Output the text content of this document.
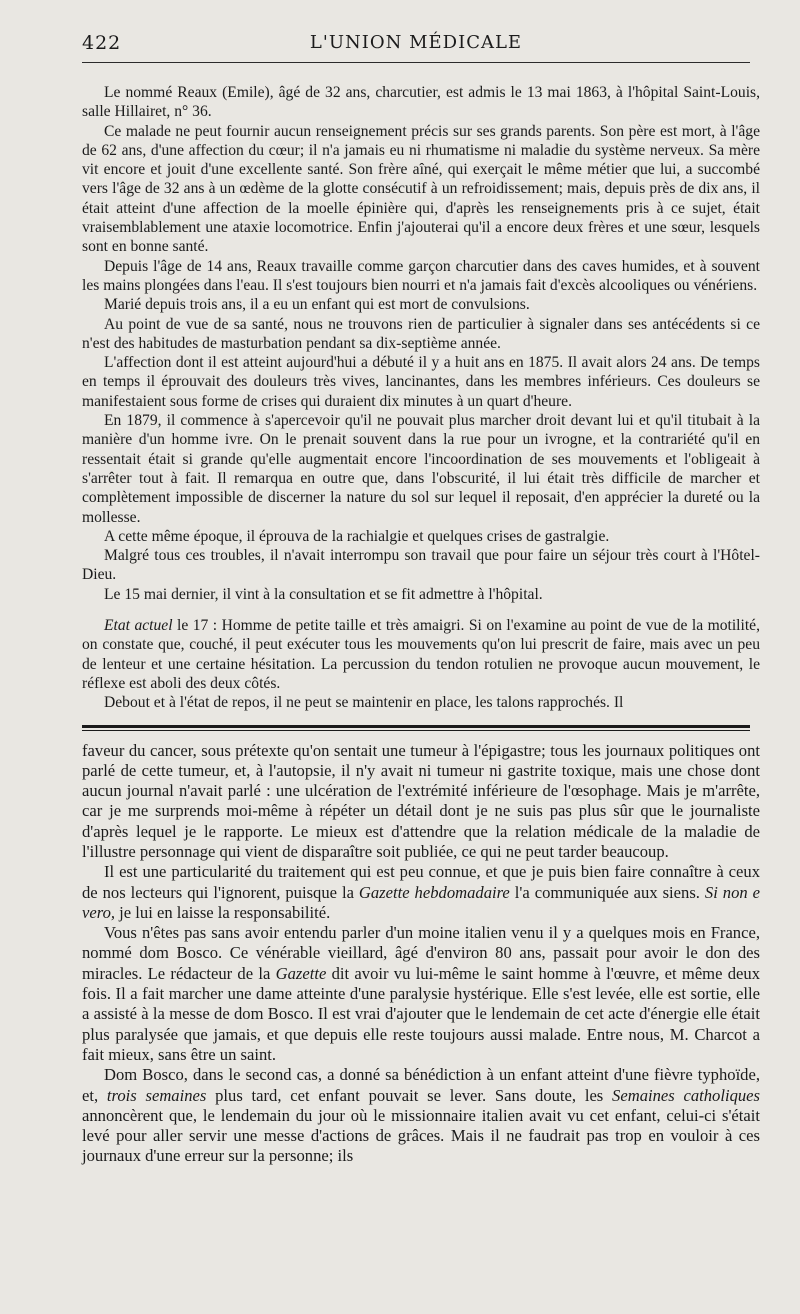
422	L'UNION MÉDICALE

Le nommé Reaux (Emile), âgé de 32 ans, charcutier, est admis le 13 mai 1863, à l'hôpital Saint-Louis, salle Hillairet, n° 36.

Ce malade ne peut fournir aucun renseignement précis sur ses grands parents. Son père est mort, à l'âge de 62 ans, d'une affection du cœur; il n'a jamais eu ni rhumatisme ni maladie du système nerveux. Sa mère vit encore et jouit d'une excellente santé. Son frère aîné, qui exerçait le même métier que lui, a succombé vers l'âge de 32 ans à un œdème de la glotte consécutif à un refroidissement; mais, depuis près de dix ans, il était atteint d'une affection de la moelle épinière qui, d'après les renseignements pris à ce sujet, était vraisemblablement une ataxie locomotrice. Enfin j'ajouterai qu'il a encore deux frères et une sœur, lesquels sont en bonne santé.

Depuis l'âge de 14 ans, Reaux travaille comme garçon charcutier dans des caves humides, et à souvent les mains plongées dans l'eau. Il s'est toujours bien nourri et n'a jamais fait d'excès alcooliques ou vénériens.

Marié depuis trois ans, il a eu un enfant qui est mort de convulsions.

Au point de vue de sa santé, nous ne trouvons rien de particulier à signaler dans ses antécédents si ce n'est des habitudes de masturbation pendant sa dix-septième année.

L'affection dont il est atteint aujourd'hui a débuté il y a huit ans en 1875. Il avait alors 24 ans. De temps en temps il éprouvait des douleurs très vives, lancinantes, dans les membres inférieurs. Ces douleurs se manifestaient sous forme de crises qui duraient dix minutes à un quart d'heure.

En 1879, il commence à s'apercevoir qu'il ne pouvait plus marcher droit devant lui et qu'il titubait à la manière d'un homme ivre. On le prenait souvent dans la rue pour un ivrogne, et la contrariété qu'il en ressentait était si grande qu'elle augmentait encore l'incoordination de ses mouvements et l'obligeait à s'arrêter tout à fait. Il remarqua en outre que, dans l'obscurité, il lui était très difficile de marcher et complètement impossible de discerner la nature du sol sur lequel il reposait, d'en apprécier la dureté ou la mollesse.

A cette même époque, il éprouva de la rachialgie et quelques crises de gastralgie.

Malgré tous ces troubles, il n'avait interrompu son travail que pour faire un séjour très court à l'Hôtel-Dieu.

Le 15 mai dernier, il vint à la consultation et se fit admettre à l'hôpital.

Etat actuel le 17 : Homme de petite taille et très amaigri. Si on l'examine au point de vue de la motilité, on constate que, couché, il peut exécuter tous les mouvements qu'on lui prescrit de faire, mais avec un peu de lenteur et une certaine hésitation. La percussion du tendon rotulien ne provoque aucun mouvement, le réflexe est aboli des deux côtés.

Debout et à l'état de repos, il ne peut se maintenir en place, les talons rapprochés. Il

faveur du cancer, sous prétexte qu'on sentait une tumeur à l'épigastre; tous les journaux politiques ont parlé de cette tumeur, et, à l'autopsie, il n'y avait ni tumeur ni gastrite toxique, mais une chose dont aucun journal n'avait parlé : une ulcération de l'extrémité inférieure de l'œsophage. Mais je m'arrête, car je me surprends moi-même à répéter un détail dont je ne suis pas plus sûr que le journaliste d'après lequel je le rapporte. Le mieux est d'attendre que la relation médicale de la maladie de l'illustre personnage qui vient de disparaître soit publiée, ce qui ne peut tarder beaucoup.

Il est une particularité du traitement qui est peu connue, et que je puis bien faire connaître à ceux de nos lecteurs qui l'ignorent, puisque la Gazette hebdomadaire l'a communiquée aux siens. Si non e vero, je lui en laisse la responsabilité.

Vous n'êtes pas sans avoir entendu parler d'un moine italien venu il y a quelques mois en France, nommé dom Bosco. Ce vénérable vieillard, âgé d'environ 80 ans, passait pour avoir le don des miracles. Le rédacteur de la Gazette dit avoir vu lui-même le saint homme à l'œuvre, et même deux fois. Il a fait marcher une dame atteinte d'une paralysie hystérique. Elle s'est levée, elle est sortie, elle a assisté à la messe de dom Bosco. Il est vrai d'ajouter que le lendemain de cet acte d'énergie elle était plus paralysée que jamais, et que depuis elle reste toujours aussi malade. Entre nous, M. Charcot a fait mieux, sans être un saint.

Dom Bosco, dans le second cas, a donné sa bénédiction à un enfant atteint d'une fièvre typhoïde, et, trois semaines plus tard, cet enfant pouvait se lever. Sans doute, les Semaines catholiques annoncèrent que, le lendemain du jour où le missionnaire italien avait vu cet enfant, celui-ci s'était levé pour aller servir une messe d'actions de grâces. Mais il ne faudrait pas trop en vouloir à ces journaux d'une erreur sur la personne; ils
